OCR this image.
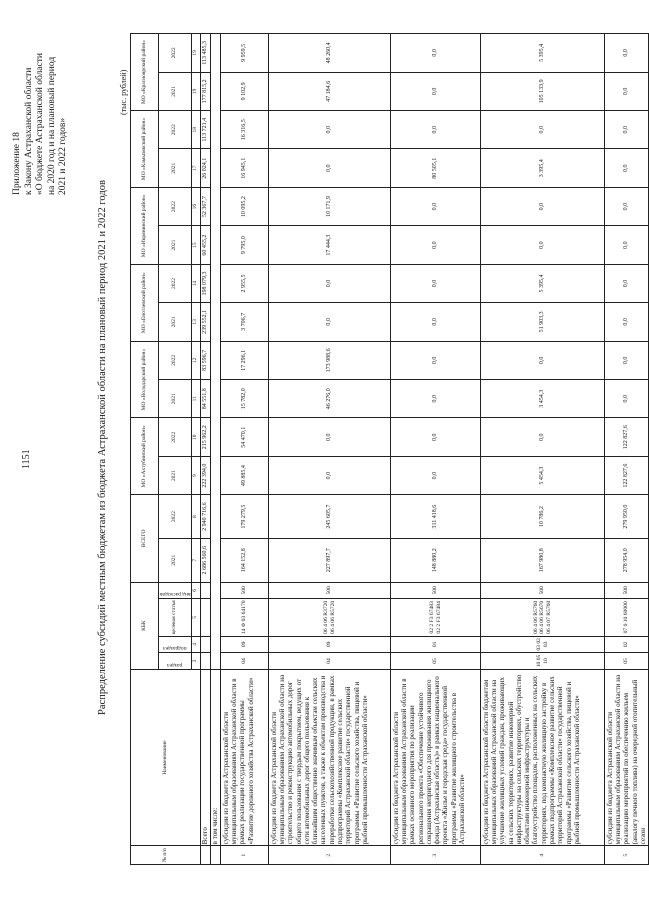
1151
Приложение 18 к Закону Астраханской области «О бюджете Астраханской области на 2020 год и на плановый период 2021 и 2022 годов»
Распределение субсидий местным бюджетам из бюджета Астраханской области на плановый период 2021 и 2022 годов
(тыс. рублей)
№ п/п	Наименование	КБК				ВСЕГО		МО «Ахтубинский район»		МО «Володарский район»		МО «Енотаевский район»		МО «Икрянинский район»		МО «Камызякский район»		МО «Красноярский район»	

		раздел	подраздел	целевая статья	вид расходов	2021	2022	2021	2022	2021	2022	2021	2022	2021	2022	2021	2022	2021	2022
		3	4	5	6	7	8	9	10	11	12	13	14	15	16	17	18	19	19
	Всего					2 686 560,6	2 940 716,6	222 394,0	215 962,2	84 551,8	83 596,7	239 552,1	198 079,3	60 455,2	52 367,7	26 024,1	113 721,4	177 815,2	113 485,3
	в том числе:																		
1	субсидии из бюджета Астраханской области муниципальным образованиям Астраханской области в рамках реализации государственной программы «Развитие дорожного хозяйства Астраханской области»	04	09	14 Ф 03 64170	500	164 152,8	179 279,5	49 885,4	54 470,1	15 782,0	17 296,1	3 706,7	2 955,5	9 795,0	10 095,2	16 945,1	16 316,5	9 102,9	9 959,5
2	субсидии из бюджета Астраханской области муниципальным образованиям Астраханской области на строительство и реконструкцию автомобильных дорог общего пользования с твердым покрытием, ведущих от сети автомобильных дорог общего пользования к ближайшим общественно значимым объектам сельских населенных пунктов, а также к объектам производства и переработки сельскохозяйственной продукции, в рамках подпрограммы «Комплексное развитие сельских территорий Астраханской области» государственной программы «Развитие сельского хозяйства, пищевой и рыбной промышленности Астраханской области»	04	09	06 4 06 R3720 06 4 06 R5720	500	227 897,7	245 605,7	0,0	0,0	46 276,0	173 988,6	0,0	0,0	17 444,3	10 171,9	0,0	0,0	47 184,6	48 260,4
3	субсидии из бюджета Астраханской области муниципальным образованиям Астраханской области в рамках основного мероприятия по реализации регионального проекта «Обеспечение устойчивого сокращения непригодного для проживания жилищного фонда (Астраханская область)» в рамках национального проекта «Жилье и городская среда» государственной программы «Развитие жилищного строительства в Астраханской области»	05	01	02 2 F3 67483 02 2 F3 67484	500	148 880,2	311 418,6	0,0	0,0	0,0	0,0	0,0	0,0	0,0	0,0	80 505,1	0,0	0,0	0,0
4	субсидии из бюджета Астраханской области бюджетам муниципальных образований Астраханской области на улучшение жилищных условий граждан, проживающих на сельских территориях, развитие инженерной инфраструктуры на сельских территориях, обустройство объектами инженерной инфраструктуры и благоустройство площадок, расположенных на сельских территориях, под компактную жилищную застройку в рамках подпрограммы «Комплексное развитие сельских территорий Астраханской области» государственной программы «Развитие сельского хозяйства, пищевой и рыбной промышленности Астраханской области»	10 05 10	03 02 03	06 4 06 R5760 06 4 06 R5670 06 4 07 R5760	500	167 980,8	10 786,2	5 454,3	0,0	3 454,3	0,0	51 903,3	5 395,4	0,0	0,0	3 395,4	0,0	105 133,9	5 395,4
5	субсидии из бюджета Астраханской области муниципальным образованиям Астраханской области на реализацию мероприятий по обеспечению жильем (аналогу печного топлива) на очередной отопительный сезон	05	02	07 0 10 60000	500	278 954,0	279 950,0	122 827,6	122 827,6	0,0	0,0	0,0	0,0	0,0	0,0	0,0	0,0	0,0	0,0
